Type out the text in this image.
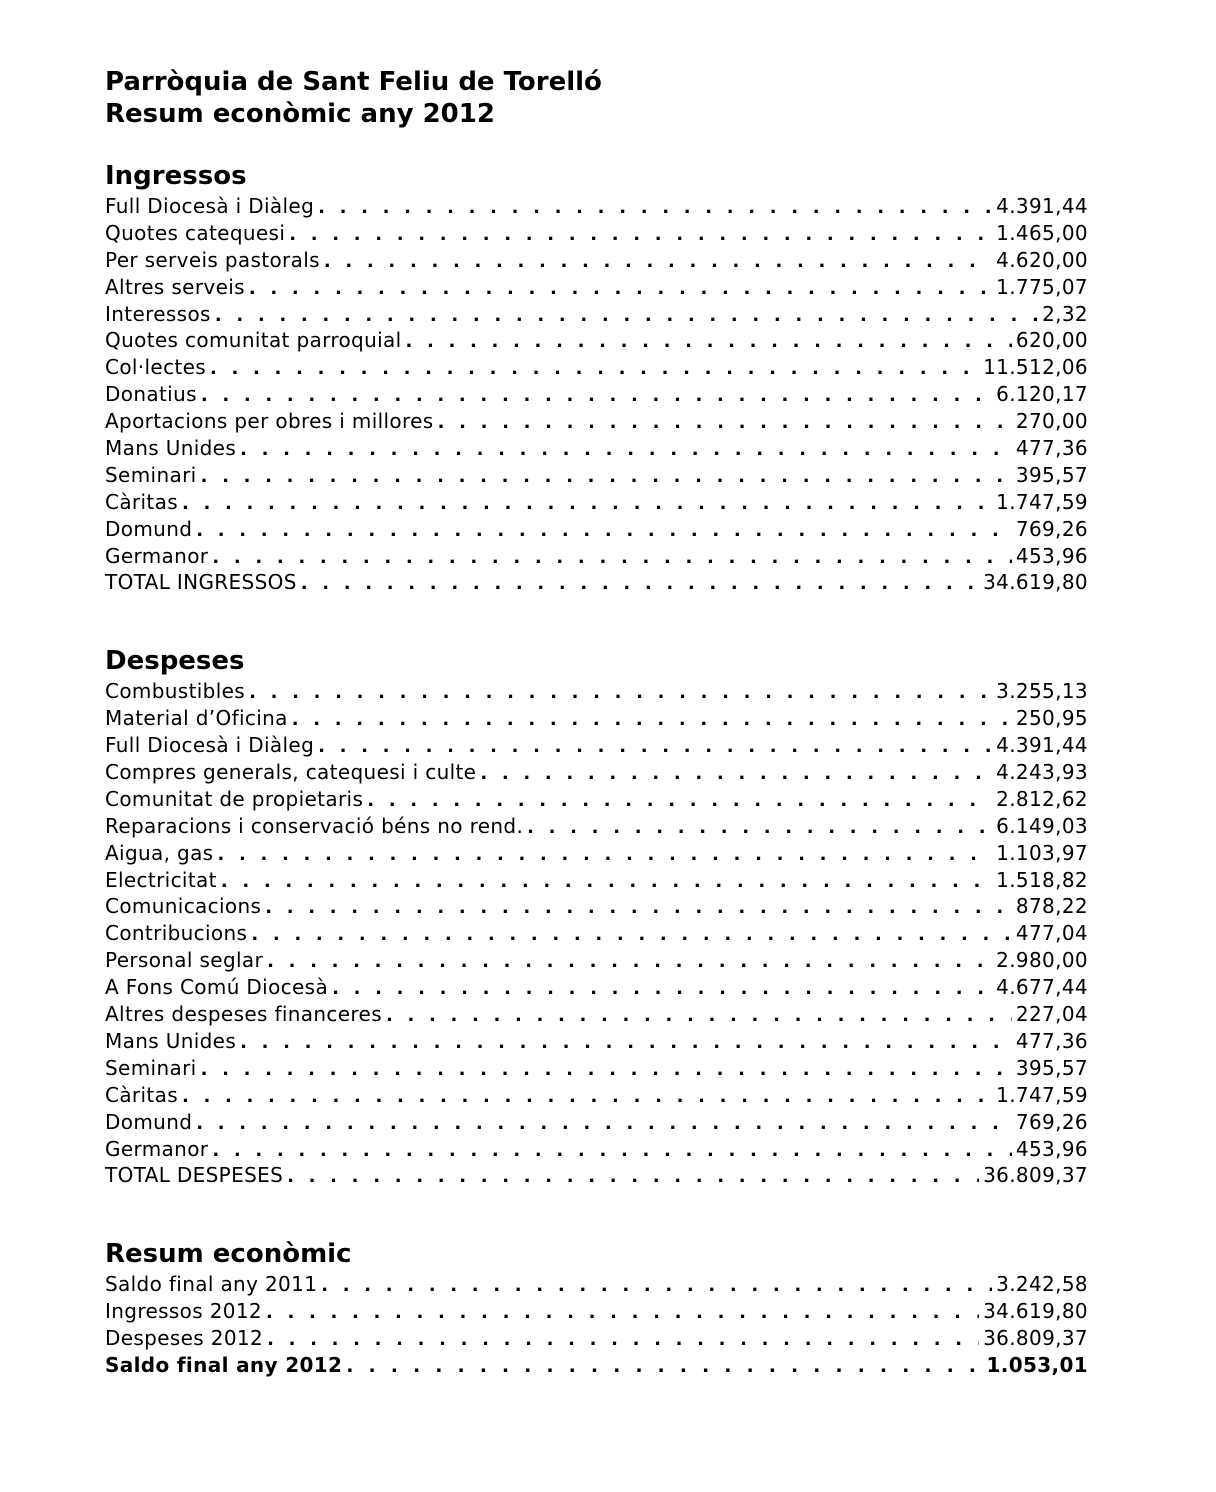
Parròquia de Sant Feliu de Torelló
Resum econòmic any 2012
Ingressos
Full Diocesà i Diàleg . . .	4.391,44
Quotes catequesi . . .	1.465,00
Per serveis pastorals . . .	4.620,00
Altres serveis . . .	1.775,07
Interessos . . .	2,32
Quotes comunitat parroquial . . .	620,00
Col·lectes . . .	11.512,06
Donatius . . .	6.120,17
Aportacions per obres i millores . . .	270,00
Mans Unides . . .	477,36
Seminari . . .	395,57
Càritas . . .	1.747,59
Domund . . .	769,26
Germanor . . .	453,96
TOTAL INGRESSOS . . .	34.619,80
Despeses
Combustibles . . .	3.255,13
Material d’Oficina . . .	250,95
Full Diocesà i Diàleg . . .	4.391,44
Compres generals, catequesi i culte . . .	4.243,93
Comunitat de propietaris . . .	2.812,62
Reparacions i conservació béns no rend. . . .	6.149,03
Aigua, gas . . .	1.103,97
Electricitat . . .	1.518,82
Comunicacions . . .	878,22
Contribucions . . .	477,04
Personal seglar . . .	2.980,00
A Fons Comú Diocesà . . .	4.677,44
Altres despeses financeres . . .	227,04
Mans Unides . . .	477,36
Seminari . . .	395,57
Càritas . . .	1.747,59
Domund . . .	769,26
Germanor . . .	453,96
TOTAL DESPESES . . .	36.809,37
Resum econòmic
Saldo final any 2011 . . .	3.242,58
Ingressos 2012 . . .	34.619,80
Despeses 2012 . . .	36.809,37
Saldo final any 2012 . . .	1.053,01
